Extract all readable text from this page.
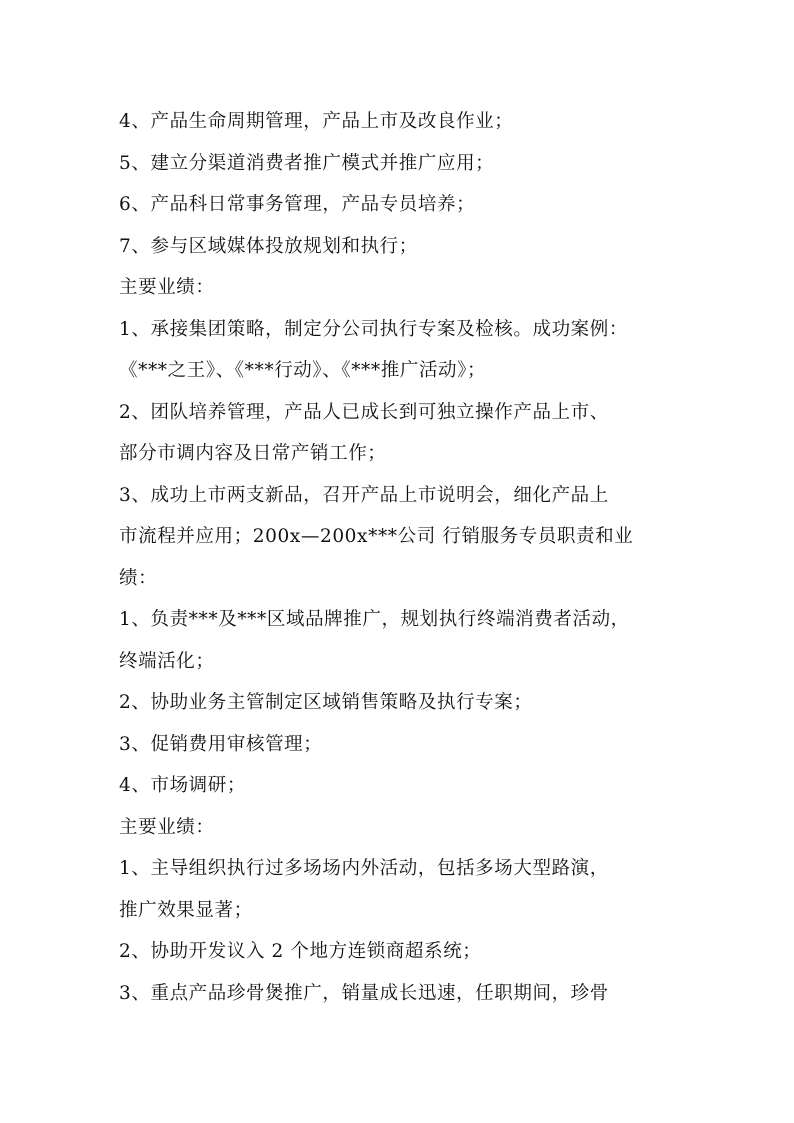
4、产品生命周期管理，产品上市及改良作业；
5、建立分渠道消费者推广模式并推广应用；
6、产品科日常事务管理，产品专员培养；
7、参与区域媒体投放规划和执行；
主要业绩：
1、承接集团策略，制定分公司执行专案及检核。成功案例：
《***之王》、《***行动》、《***推广活动》；
2、团队培养管理，产品人已成长到可独立操作产品上市、
部分市调内容及日常产销工作；
3、成功上市两支新品，召开产品上市说明会，细化产品上
市流程并应用；200x—200x***公司 行销服务专员职责和业
绩：
1、负责***及***区域品牌推广，规划执行终端消费者活动，
终端活化；
2、协助业务主管制定区域销售策略及执行专案；
3、促销费用审核管理；
4、市场调研；
主要业绩：
1、主导组织执行过多场场内外活动，包括多场大型路演，
推广效果显著；
2、协助开发议入 2 个地方连锁商超系统；
3、重点产品珍骨煲推广，销量成长迅速，任职期间，珍骨
